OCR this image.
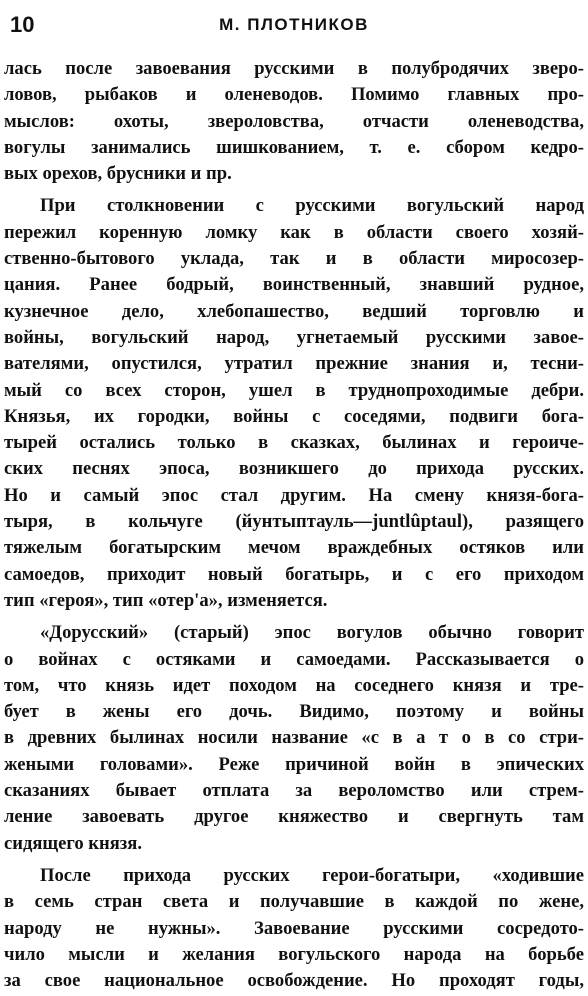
10	М. ПЛОТНИКОВ
лась после завоевания русскими в полубродячих зверо-
ловов, рыбаков и оленеводов. Помимо главных про-
мыслов: охоты, звероловства, отчасти оленеводства,
вогулы занимались шишкованием, т. е. сбором кедро-
вых орехов, брусники и пр.
При столкновении с русскими вогульский народ
пережил коренную ломку как в области своего хозяй-
ственно-бытового уклада, так и в области миросозер-
цания. Ранее бодрый, воинственный, знавший рудное,
кузнечное дело, хлебопашество, ведший торговлю и
войны, вогульский народ, угнетаемый русскими завое-
вателями, опустился, утратил прежние знания и, тесни-
мый со всех сторон, ушел в труднопроходимые дебри.
Князья, их городки, войны с соседями, подвиги бога-
тырей остались только в сказках, былинах и героиче-
ских песнях эпоса, возникшего до прихода русских.
Но и самый эпос стал другим. На смену князя-бога-
тыря, в кольчуге (йунтыптауль—juntlûptaul), разящего
тяжелым богатырским мечом враждебных остяков или
самоедов, приходит новый богатырь, и с его приходом
тип «героя», тип «отер'а», изменяется.
«Дорусский» (старый) эпос вогулов обычно говорит
о войнах с остяками и самоедами. Рассказывается о
том, что князь идет походом на соседнего князя и тре-
бует в жены его дочь. Видимо, поэтому и войны
в древних былинах носили название «с в а т о в со стри-
жеными головами». Реже причиной войн в эпических
сказаниях бывает отплата за вероломство или стрем-
ление завоевать другое княжество и свергнуть там
сидящего князя.
После прихода русских герои-богатыри, «ходившие
в семь стран света и получавшие в каждой по жене,
народу не нужны». Завоевание русскими сосредото-
чило мысли и желания вогульского народа на борьбе
за свое национальное освобождение. Но проходят годы,
